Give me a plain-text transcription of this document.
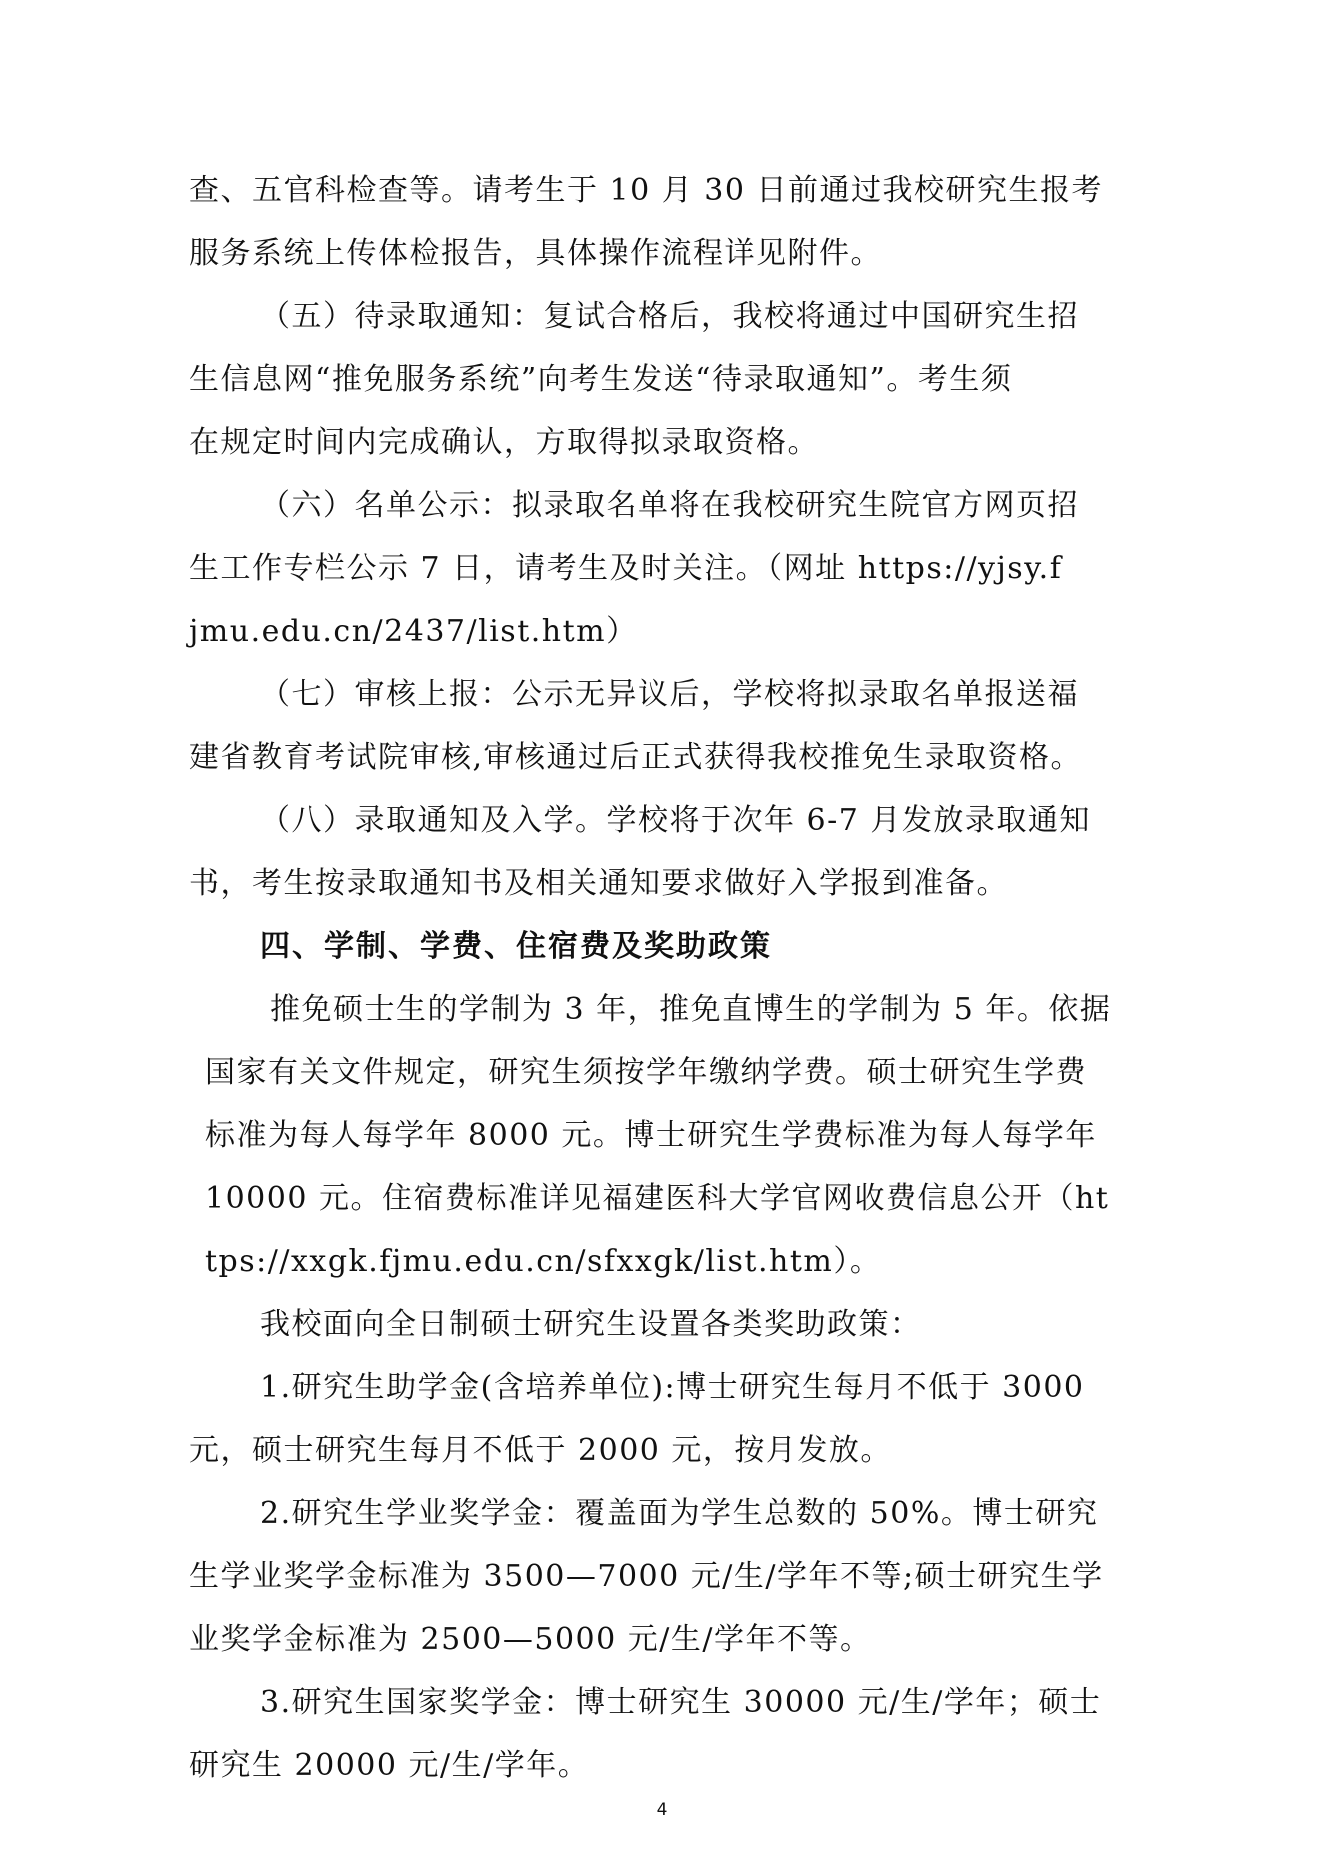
查、五官科检查等。请考生于 10 月 30 日前通过我校研究生报考
服务系统上传体检报告，具体操作流程详见附件。
（五）待录取通知：复试合格后，我校将通过中国研究生招
生信息网“推免服务系统”向考生发送“待录取通知”。考生须
在规定时间内完成确认，方取得拟录取资格。
（六）名单公示：拟录取名单将在我校研究生院官方网页招
生工作专栏公示 7 日，请考生及时关注。（网址 https://yjsy.f
jmu.edu.cn/2437/list.htm）
（七）审核上报：公示无异议后，学校将拟录取名单报送福
建省教育考试院审核,审核通过后正式获得我校推免生录取资格。
（八）录取通知及入学。学校将于次年 6-7 月发放录取通知
书，考生按录取通知书及相关通知要求做好入学报到准备。
四、学制、学费、住宿费及奖助政策
推免硕士生的学制为 3 年，推免直博生的学制为 5 年。依据
国家有关文件规定，研究生须按学年缴纳学费。硕士研究生学费
标准为每人每学年 8000 元。博士研究生学费标准为每人每学年
10000 元。住宿费标准详见福建医科大学官网收费信息公开（ht
tps://xxgk.fjmu.edu.cn/sfxxgk/list.htm）。
我校面向全日制硕士研究生设置各类奖助政策：
1.研究生助学金(含培养单位):博士研究生每月不低于 3000
元，硕士研究生每月不低于 2000 元，按月发放。
2.研究生学业奖学金：覆盖面为学生总数的 50%。博士研究
生学业奖学金标准为 3500—7000 元/生/学年不等;硕士研究生学
业奖学金标准为 2500—5000 元/生/学年不等。
3.研究生国家奖学金：博士研究生 30000 元/生/学年；硕士
研究生 20000 元/生/学年。
4
